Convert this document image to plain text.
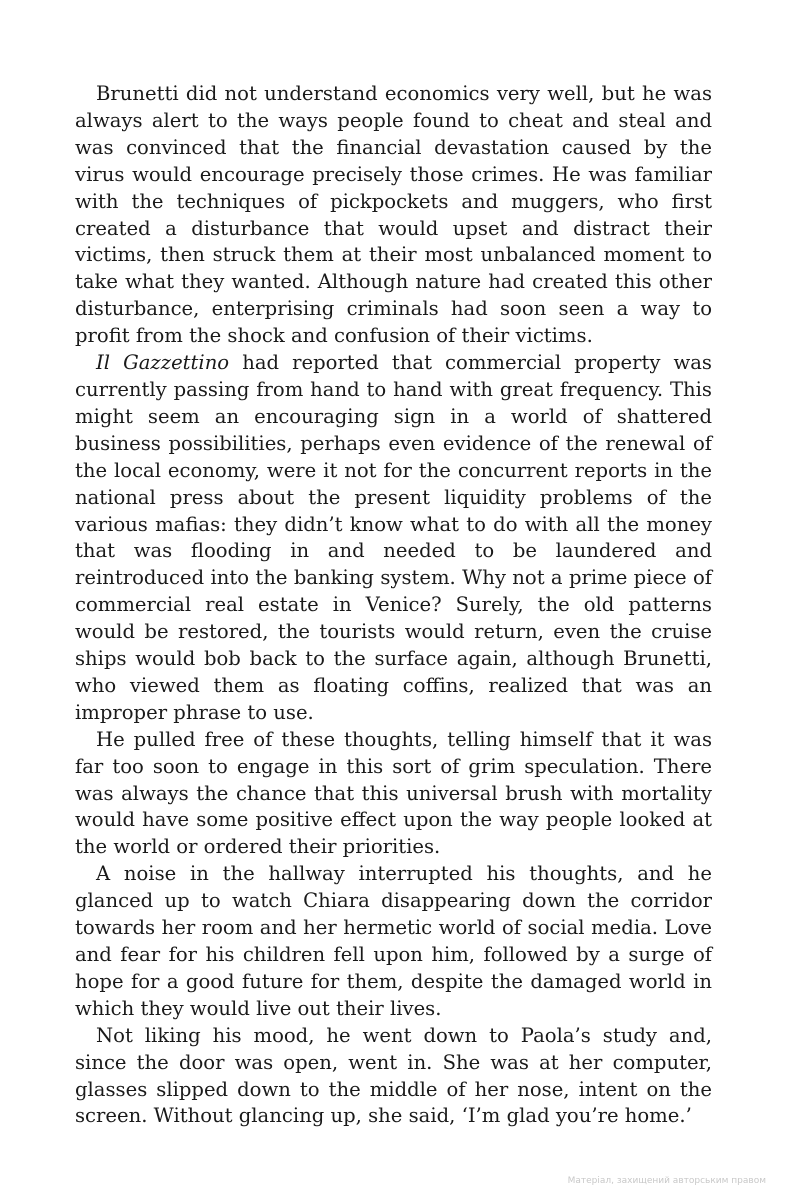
Brunetti did not understand economics very well, but he was always alert to the ways people found to cheat and steal and was convinced that the financial devastation caused by the virus would encourage precisely those crimes. He was familiar with the techniques of pickpockets and muggers, who first created a disturbance that would upset and distract their victims, then struck them at their most unbalanced moment to take what they wanted. Although nature had created this other disturbance, enterprising criminals had soon seen a way to profit from the shock and confusion of their victims.

Il Gazzettino had reported that commercial property was currently passing from hand to hand with great frequency. This might seem an encouraging sign in a world of shattered business possibilities, perhaps even evidence of the renewal of the local economy, were it not for the concurrent reports in the national press about the present liquidity problems of the various mafias: they didn’t know what to do with all the money that was flooding in and needed to be laundered and reintroduced into the banking system. Why not a prime piece of commercial real estate in Venice? Surely, the old patterns would be restored, the tourists would return, even the cruise ships would bob back to the surface again, although Brunetti, who viewed them as floating coffins, realized that was an improper phrase to use.

He pulled free of these thoughts, telling himself that it was far too soon to engage in this sort of grim speculation. There was always the chance that this universal brush with mortality would have some positive effect upon the way people looked at the world or ordered their priorities.

A noise in the hallway interrupted his thoughts, and he glanced up to watch Chiara disappearing down the corridor towards her room and her hermetic world of social media. Love and fear for his children fell upon him, followed by a surge of hope for a good future for them, despite the damaged world in which they would live out their lives.

Not liking his mood, he went down to Paola’s study and, since the door was open, went in. She was at her computer, glasses slipped down to the middle of her nose, intent on the screen. Without glancing up, she said, ‘I’m glad you’re home.’

Матеріал, захищений авторським правом
